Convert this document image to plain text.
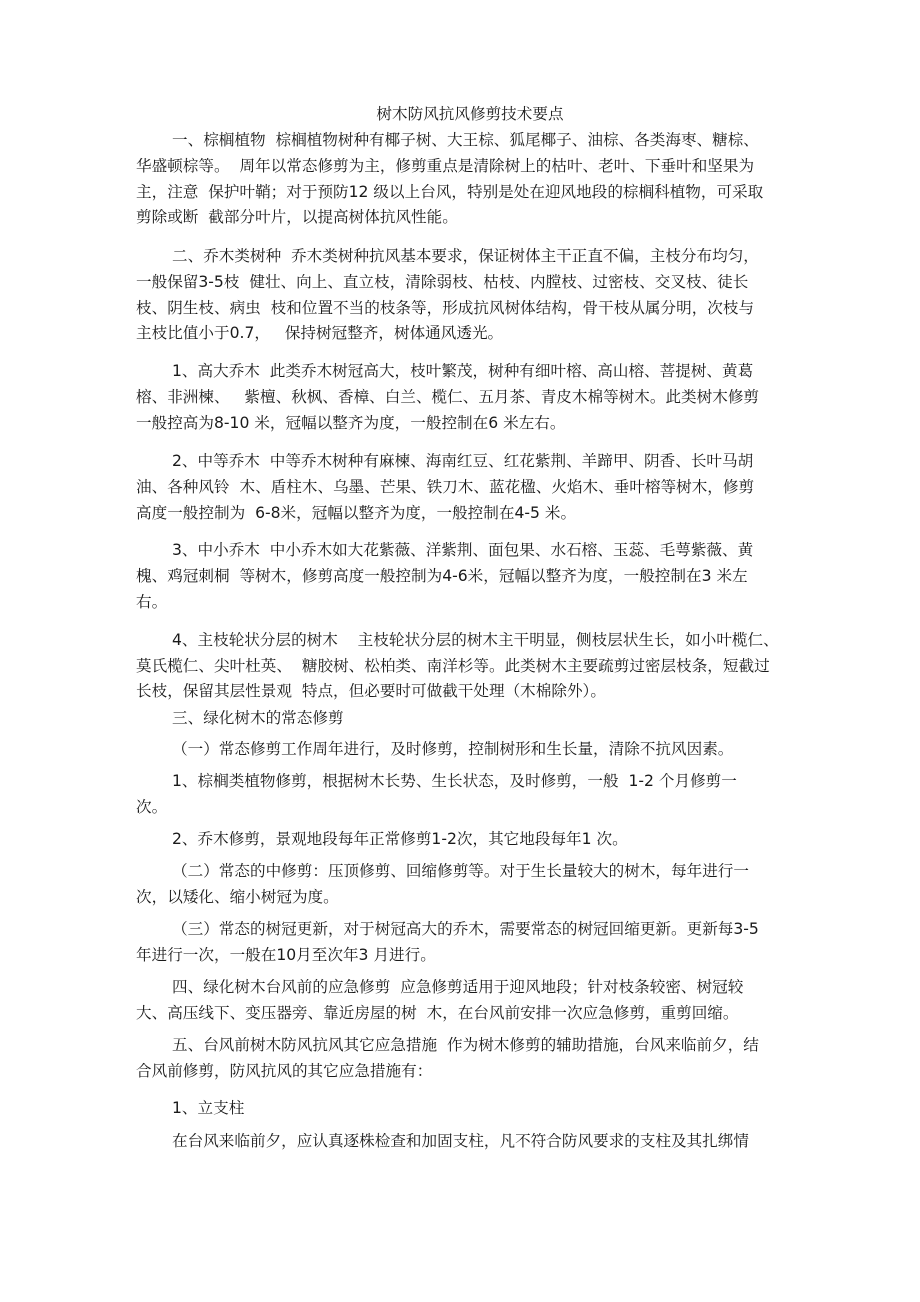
树木防风抗风修剪技术要点
一、棕榈植物  棕榈植物树种有椰子树、大王棕、狐尾椰子、油棕、各类海枣、糖棕、
华盛顿棕等。  周年以常态修剪为主，修剪重点是清除树上的枯叶、老叶、下垂叶和坚果为
主，注意  保护叶鞘；对于预防12 级以上台风，特别是处在迎风地段的棕榈科植物，可采取
剪除或断  截部分叶片，以提高树体抗风性能。
二、乔木类树种  乔木类树种抗风基本要求，保证树体主干正直不偏，主枝分布均匀，
一般保留3-5枝  健壮、向上、直立枝，清除弱枝、枯枝、内膛枝、过密枝、交叉枝、徒长
枝、阴生枝、病虫  枝和位置不当的枝条等，形成抗风树体结构，骨干枝从属分明，次枝与
主枝比值小于0.7，   保持树冠整齐，树体通风透光。
1、高大乔木  此类乔木树冠高大，枝叶繁茂，树种有细叶榕、高山榕、菩提树、黄葛
榕、非洲楝、   紫檀、秋枫、香樟、白兰、榄仁、五月茶、青皮木棉等树木。此类树木修剪
一般控高为8-10 米，冠幅以整齐为度，一般控制在6 米左右。
2、中等乔木  中等乔木树种有麻楝、海南红豆、红花紫荆、羊蹄甲、阴香、长叶马胡
油、各种风铃  木、盾柱木、乌墨、芒果、铁刀木、蓝花楹、火焰木、垂叶榕等树木，修剪
高度一般控制为  6-8米，冠幅以整齐为度，一般控制在4-5 米。
3、中小乔木  中小乔木如大花紫薇、洋紫荆、面包果、水石榕、玉蕊、毛萼紫薇、黄
槐、鸡冠刺桐  等树木，修剪高度一般控制为4-6米，冠幅以整齐为度，一般控制在3 米左
右。
4、主枝轮状分层的树木    主枝轮状分层的树木主干明显，侧枝层状生长，如小叶榄仁、
莫氏榄仁、尖叶杜英、  糖胶树、松柏类、南洋杉等。此类树木主要疏剪过密层枝条，短截过
长枝，保留其层性景观  特点，但必要时可做截干处理（木棉除外）。
三、绿化树木的常态修剪
（一）常态修剪工作周年进行，及时修剪，控制树形和生长量，清除不抗风因素。
1、棕榈类植物修剪，根据树木长势、生长状态，及时修剪，一般  1-2 个月修剪一
次。
2、乔木修剪，景观地段每年正常修剪1-2次，其它地段每年1 次。
（二）常态的中修剪：压顶修剪、回缩修剪等。对于生长量较大的树木，每年进行一
次，以矮化、缩小树冠为度。
（三）常态的树冠更新，对于树冠高大的乔木，需要常态的树冠回缩更新。更新每3-5
年进行一次，一般在10月至次年3 月进行。
四、绿化树木台风前的应急修剪  应急修剪适用于迎风地段；针对枝条较密、树冠较
大、高压线下、变压器旁、靠近房屋的树  木，在台风前安排一次应急修剪，重剪回缩。
五、台风前树木防风抗风其它应急措施  作为树木修剪的辅助措施，台风来临前夕，结
合风前修剪，防风抗风的其它应急措施有：
1、立支柱
在台风来临前夕，应认真逐株检查和加固支柱，凡不符合防风要求的支柱及其扎绑情
